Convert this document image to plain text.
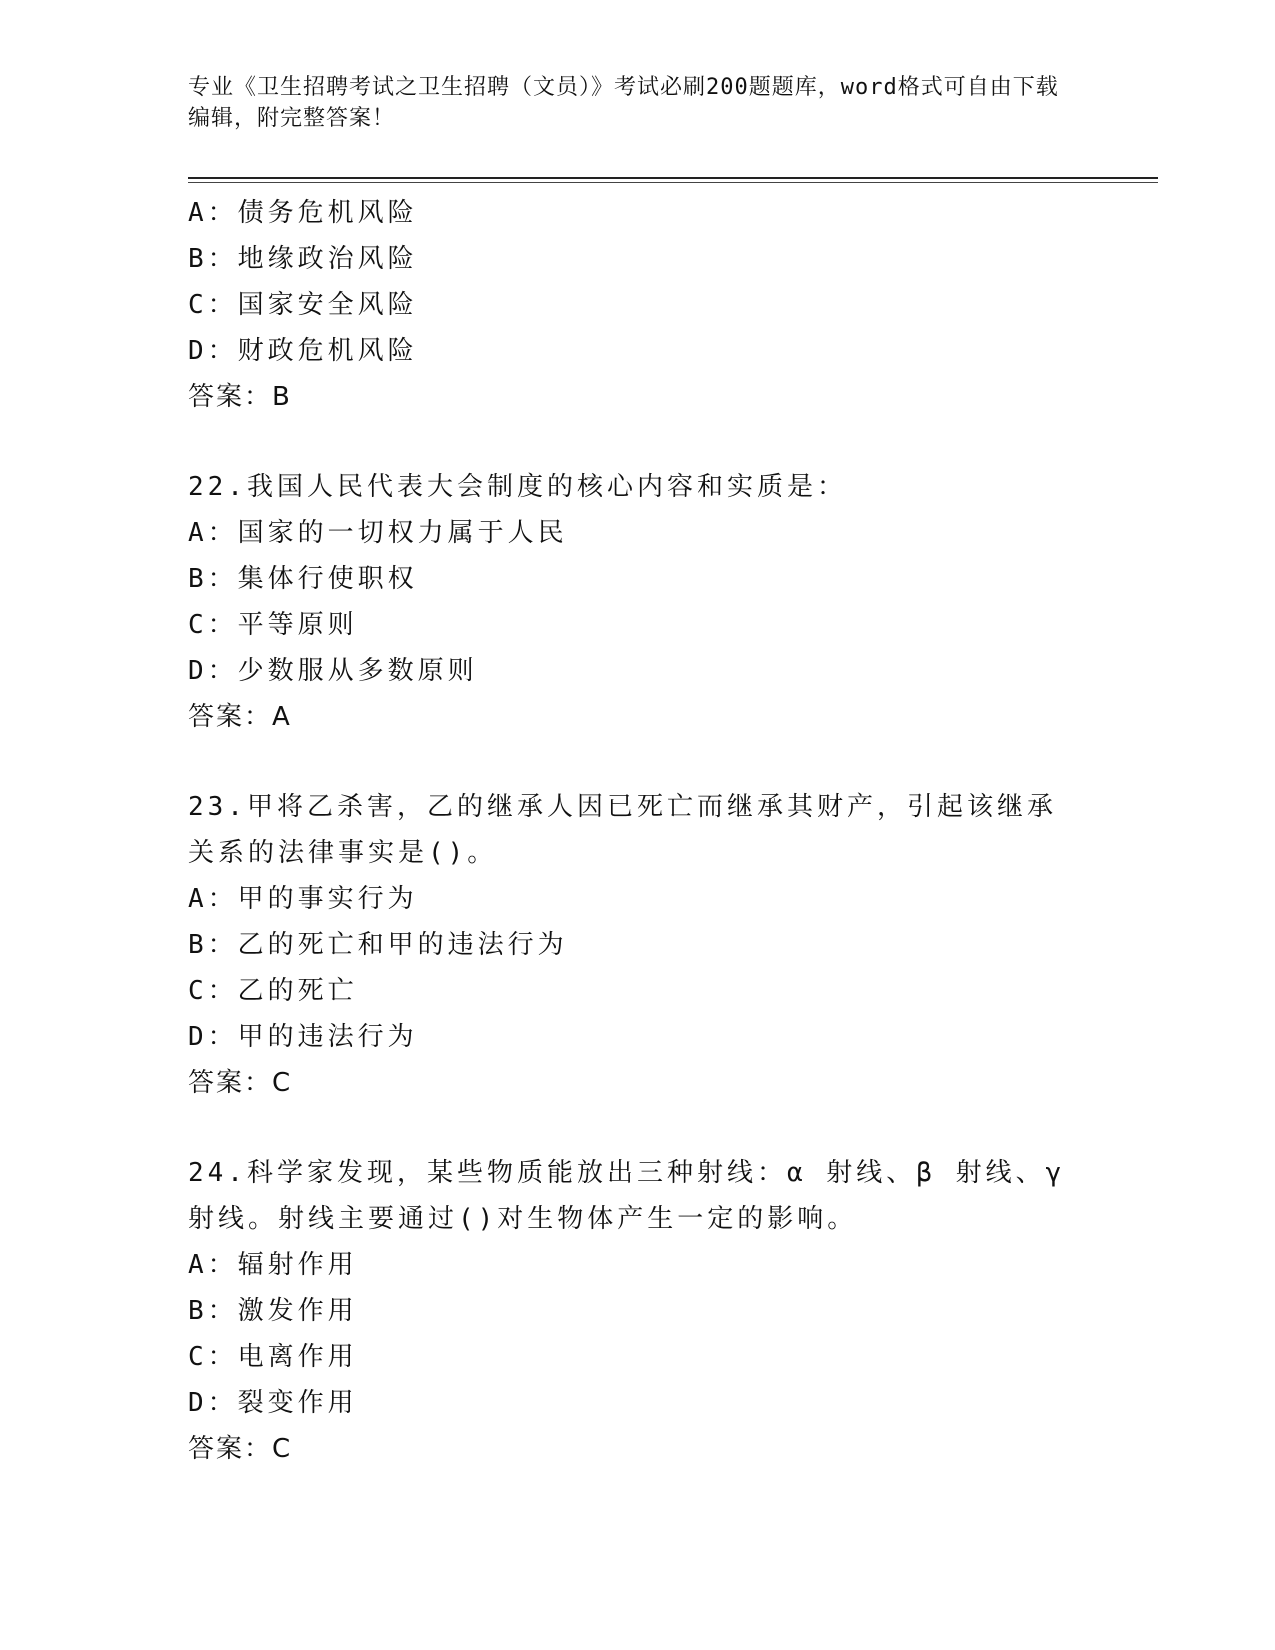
专业《卫生招聘考试之卫生招聘（文员）》考试必刷200题题库，word格式可自由下载编辑，附完整答案！
A：债务危机风险
B：地缘政治风险
C：国家安全风险
D：财政危机风险
答案：B
22.我国人民代表大会制度的核心内容和实质是：
A：国家的一切权力属于人民
B：集体行使职权
C：平等原则
D：少数服从多数原则
答案：A
23.甲将乙杀害，乙的继承人因已死亡而继承其财产，引起该继承关系的法律事实是()。
A：甲的事实行为
B：乙的死亡和甲的违法行为
C：乙的死亡
D：甲的违法行为
答案：C
24.科学家发现，某些物质能放出三种射线：α 射线、β 射线、γ 射线。射线主要通过()对生物体产生一定的影响。
A：辐射作用
B：激发作用
C：电离作用
D：裂变作用
答案：C
